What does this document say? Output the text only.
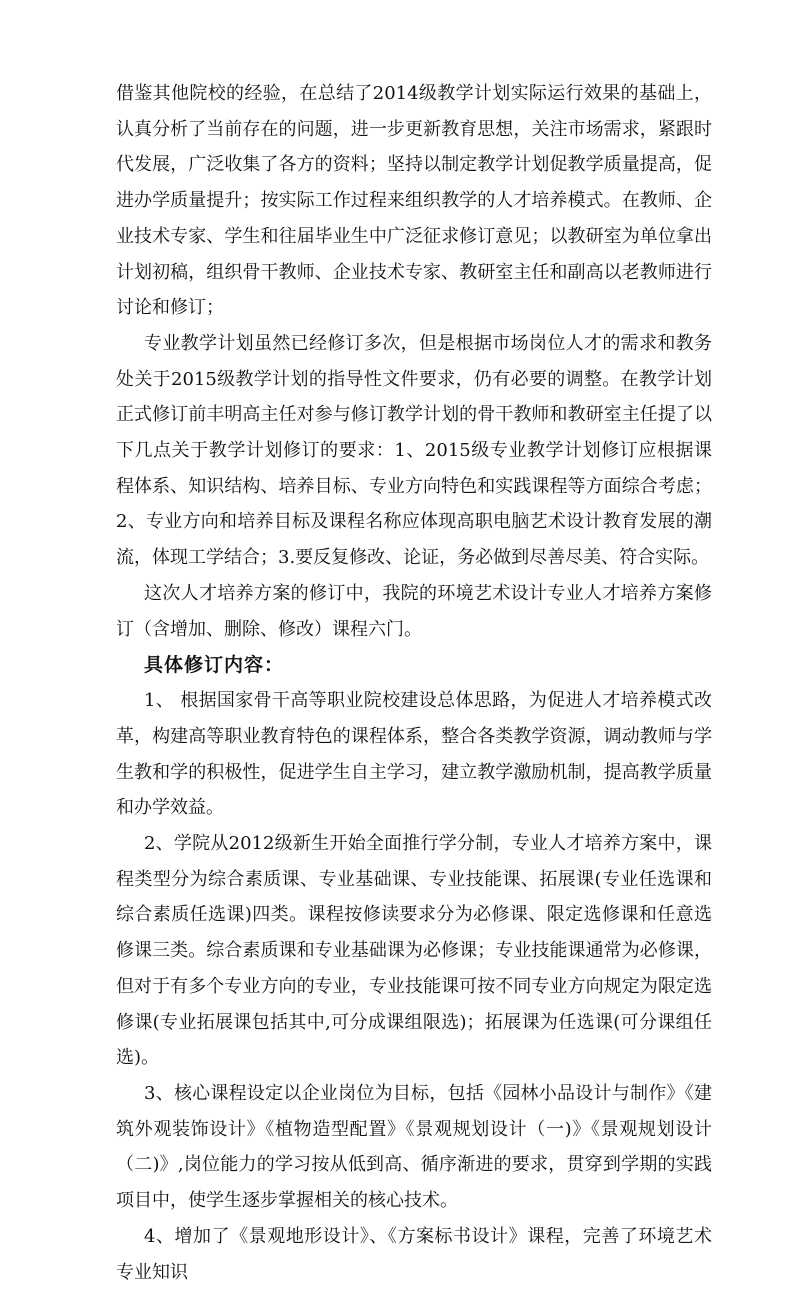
借鉴其他院校的经验，在总结了2014级教学计划实际运行效果的基础上，认真分析了当前存在的问题，进一步更新教育思想，关注市场需求，紧跟时代发展，广泛收集了各方的资料；坚持以制定教学计划促教学质量提高，促进办学质量提升；按实际工作过程来组织教学的人才培养模式。在教师、企业技术专家、学生和往届毕业生中广泛征求修订意见；以教研室为单位拿出计划初稿，组织骨干教师、企业技术专家、教研室主任和副高以老教师进行讨论和修订；

专业教学计划虽然已经修订多次，但是根据市场岗位人才的需求和教务处关于2015级教学计划的指导性文件要求，仍有必要的调整。在教学计划正式修订前丰明高主任对参与修订教学计划的骨干教师和教研室主任提了以下几点关于教学计划修订的要求：1、2015级专业教学计划修订应根据课程体系、知识结构、培养目标、专业方向特色和实践课程等方面综合考虑；2、专业方向和培养目标及课程名称应体现高职电脑艺术设计教育发展的潮流，体现工学结合；3.要反复修改、论证，务必做到尽善尽美、符合实际。

这次人才培养方案的修订中，我院的环境艺术设计专业人才培养方案修订（含增加、删除、修改）课程六门。

具体修订内容：

1、 根据国家骨干高等职业院校建设总体思路，为促进人才培养模式改革，构建高等职业教育特色的课程体系，整合各类教学资源，调动教师与学生教和学的积极性，促进学生自主学习，建立教学激励机制，提高教学质量和办学效益。

2、学院从2012级新生开始全面推行学分制，专业人才培养方案中，课程类型分为综合素质课、专业基础课、专业技能课、拓展课(专业任选课和综合素质任选课)四类。课程按修读要求分为必修课、限定选修课和任意选修课三类。综合素质课和专业基础课为必修课；专业技能课通常为必修课，但对于有多个专业方向的专业，专业技能课可按不同专业方向规定为限定选修课(专业拓展课包括其中,可分成课组限选)；拓展课为任选课(可分课组任选)。

3、核心课程设定以企业岗位为目标，包括《园林小品设计与制作》《建筑外观装饰设计》《植物造型配置》《景观规划设计（一)》《景观规划设计（二)》,岗位能力的学习按从低到高、循序渐进的要求，贯穿到学期的实践项目中，使学生逐步掌握相关的核心技术。

4、增加了《景观地形设计》、《方案标书设计》课程，完善了环境艺术专业知识
